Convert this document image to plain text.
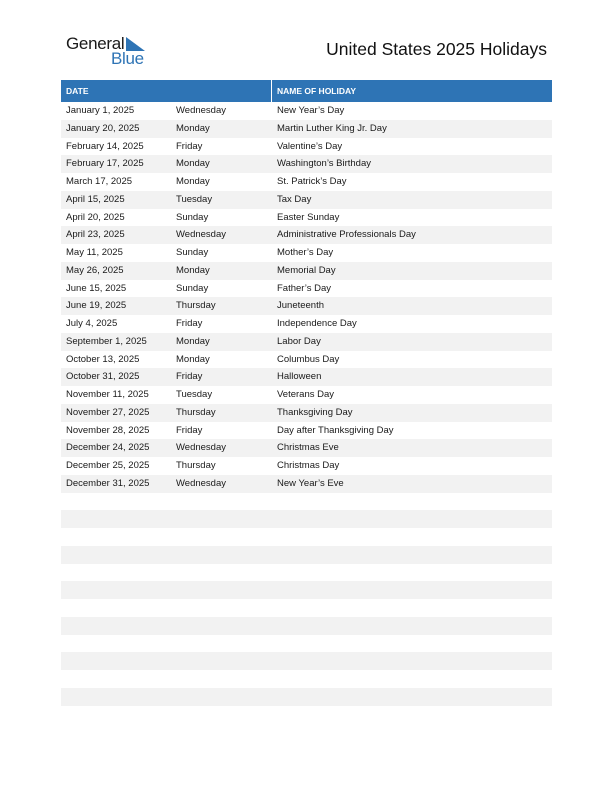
General
Blue	United States 2025 Holidays
DATE	NAME OF HOLIDAY
January 1, 2025	Wednesday	New Year’s Day
January 20, 2025	Monday	Martin Luther King Jr. Day
February 14, 2025	Friday	Valentine’s Day
February 17, 2025	Monday	Washington’s Birthday
March 17, 2025	Monday	St. Patrick’s Day
April 15, 2025	Tuesday	Tax Day
April 20, 2025	Sunday	Easter Sunday
April 23, 2025	Wednesday	Administrative Professionals Day
May 11, 2025	Sunday	Mother’s Day
May 26, 2025	Monday	Memorial Day
June 15, 2025	Sunday	Father’s Day
June 19, 2025	Thursday	Juneteenth
July 4, 2025	Friday	Independence Day
September 1, 2025	Monday	Labor Day
October 13, 2025	Monday	Columbus Day
October 31, 2025	Friday	Halloween
November 11, 2025	Tuesday	Veterans Day
November 27, 2025	Thursday	Thanksgiving Day
November 28, 2025	Friday	Day after Thanksgiving Day
December 24, 2025	Wednesday	Christmas Eve
December 25, 2025	Thursday	Christmas Day
December 31, 2025	Wednesday	New Year’s Eve
